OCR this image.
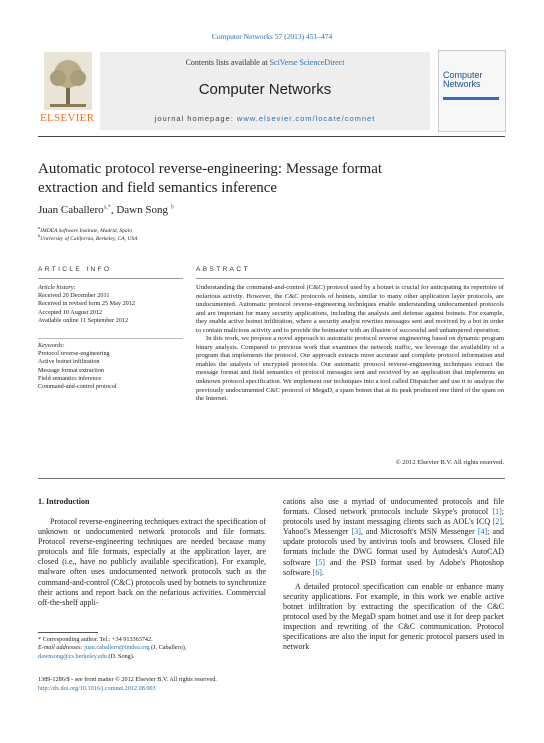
Computer Networks 57 (2013) 451–474
ELSEVIER
Contents lists available at SciVerse ScienceDirect
Computer Networks
journal homepage: www.elsevier.com/locate/comnet
Computer
Networks
Automatic protocol reverse-engineering: Message format
extraction and field semantics inference
Juan Caballero$^{a,*}$, Dawn Song $^b$
$^a$IMDEA Software Institute, Madrid, Spain
$^b$University of California, Berkeley, CA, USA
ARTICLE INFO	ABSTRACT
Article history:
Received 20 December 2011
Received in revised form 25 May 2012
Accepted 10 August 2012
Available online 11 September 2012
Keywords:
Protocol reverse-engineering
Active botnet infiltration
Message format extraction
Field semantics inference
Command-and-control protocol

Understanding the command-and-control (C&C) protocol used by a botnet is crucial for anticipating its repertoire of nefarious activity. However, the C&C protocols of botnets, similar to many other application layer protocols, are undocumented. Automatic protocol reverse-engineering techniques enable understanding undocumented protocols and are important for many security applications, including the analysis and defense against botnets. For example, they enable active botnet infiltration, where a security analyst rewrites messages sent and received by a bot in order to contain malicious activity and to provide the botmaster with an illusion of successful and unhampered operation.

In this work, we propose a novel approach to automatic protocol reverse engineering based on dynamic program binary analysis. Compared to previous work that examines the network traffic, we leverage the availability of a program that implements the protocol. Our approach extracts more accurate and complete protocol information and enables the analysis of encrypted protocols. Our automatic protocol reverse-engineering techniques extract the message format and field semantics of protocol messages sent and received by an application that implements an unknown protocol specification. We implement our techniques into a tool called Dispatcher and use it to analyze the previously undocumented C&C protocol of MegaD, a spam botnet that at its peak produced one third of the spam on the Internet.

© 2012 Elsevier B.V. All rights reserved.
1. Introduction

Protocol reverse-engineering techniques extract the specification of unknown or undocumented network protocols and file formats. Protocol reverse-engineering techniques are needed because many protocols and file formats, especially at the application layer, are closed (i.e., have no publicly available specification). For example, malware often uses undocumented network protocols such as the command-and-control (C&C) protocols used by botnets to synchronize their actions and report back on the nefarious activities. Commercial off-the-shelf appli-

cations also use a myriad of undocumented protocols and file formats. Closed network protocols include Skype's protocol [1]; protocols used by instant messaging clients such as AOL's ICQ [2], Yahoo!'s Messenger [3], and Microsoft's MSN Messenger [4]; and update protocols used by antivirus tools and browsers. Closed file formats include the DWG format used by Autodesk's AutoCAD software [5] and the PSD format used by Adobe's Photoshop software [6].

A detailed protocol specification can enable or enhance many security applications. For example, in this work we enable active botnet infiltration by extracting the specification of the C&C protocol used by the MegaD spam botnet and use it for deep packet inspection and rewriting of the C&C communication. Protocol specifications are also the input for generic protocol parsers used in network

* Corresponding author. Tel.: +34 913363742.
E-mail addresses: juan.caballero@imdea.org (J. Caballero),
dawnsong@cs.berkeley.edu (D. Song).
1389-1286/$ - see front matter © 2012 Elsevier B.V. All rights reserved.
http://dx.doi.org/10.1016/j.comnet.2012.08.003
